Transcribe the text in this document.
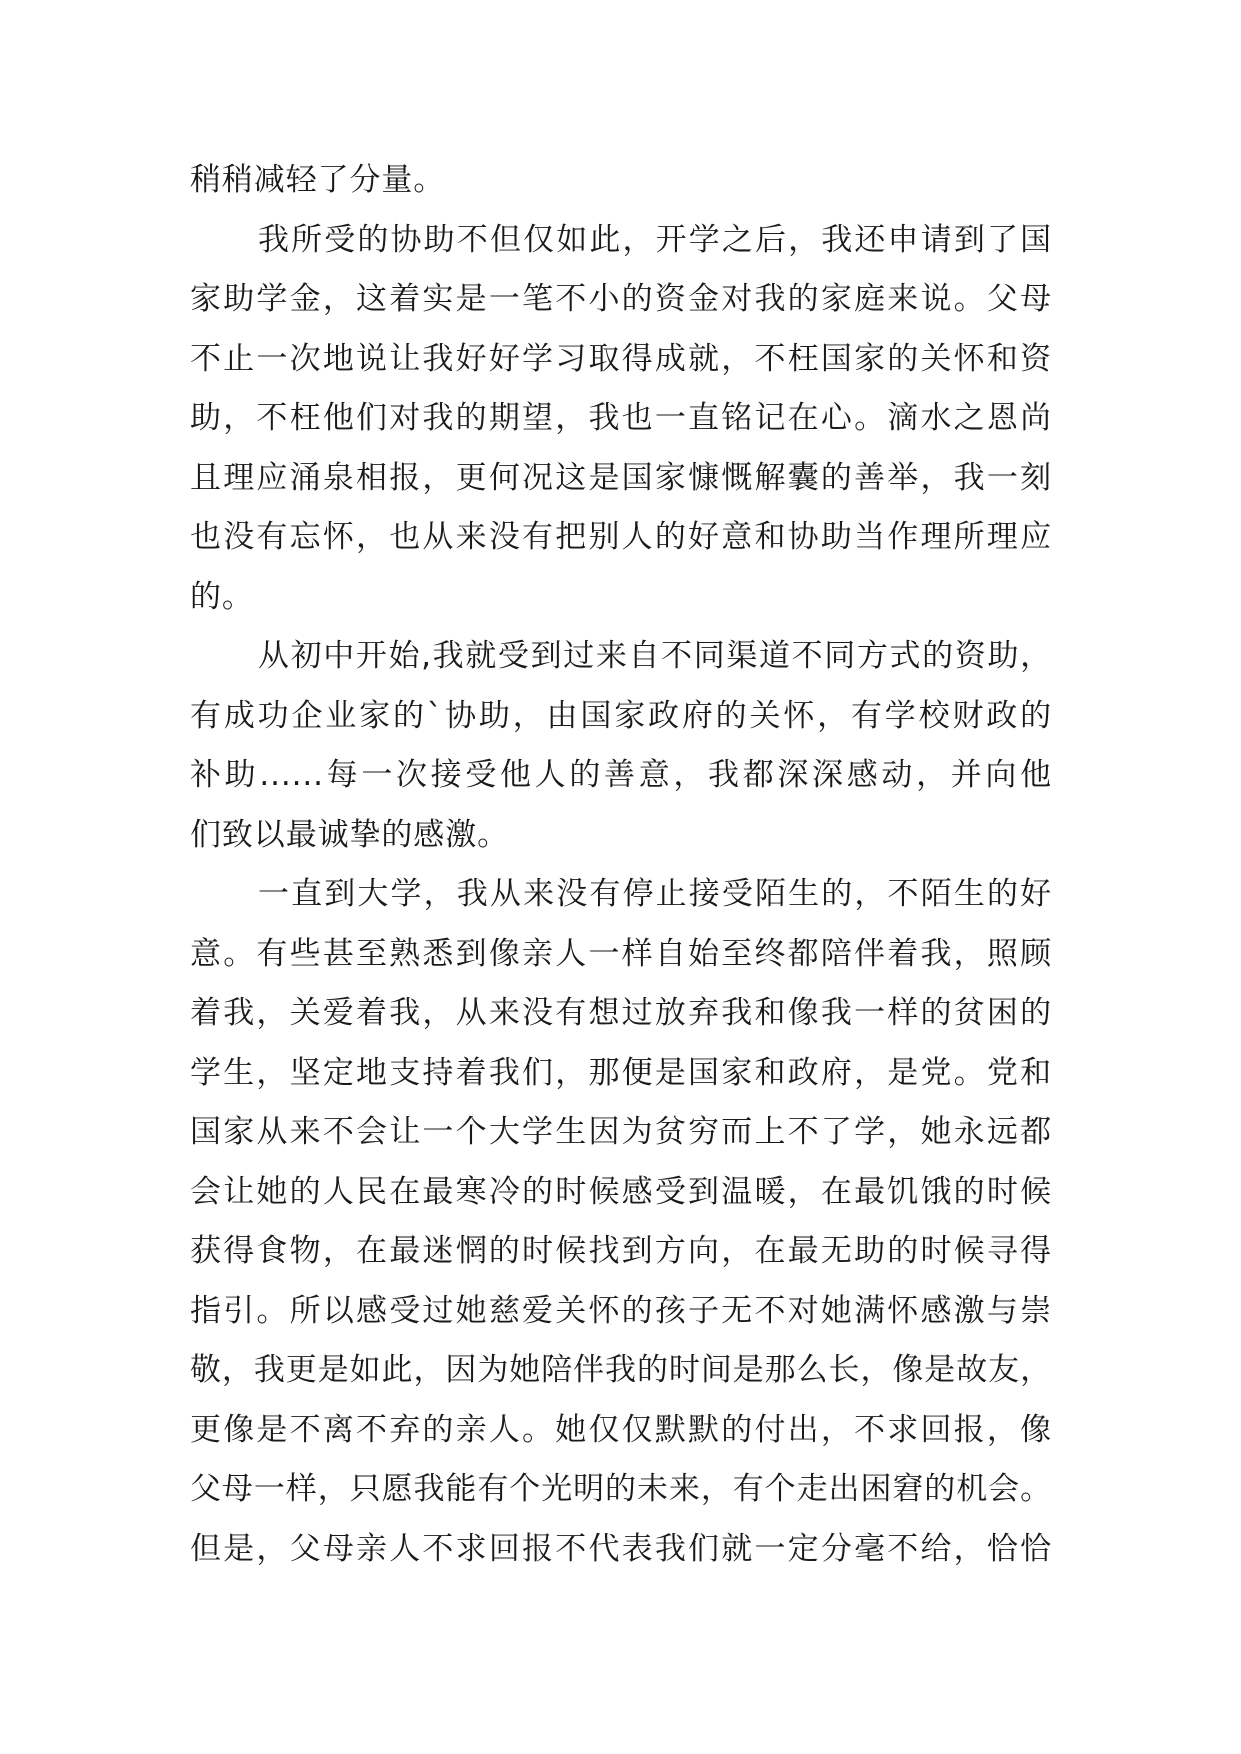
稍稍减轻了分量。
我所受的协助不但仅如此，开学之后，我还申请到了国
家助学金，这着实是一笔不小的资金对我的家庭来说。父母
不止一次地说让我好好学习取得成就，不枉国家的关怀和资
助，不枉他们对我的期望，我也一直铭记在心。滴水之恩尚
且理应涌泉相报，更何况这是国家慷慨解囊的善举，我一刻
也没有忘怀，也从来没有把别人的好意和协助当作理所理应
的。
从初中开始,我就受到过来自不同渠道不同方式的资助，
有成功企业家的`协助，由国家政府的关怀，有学校财政的
补助......每一次接受他人的善意，我都深深感动，并向他
们致以最诚挚的感激。
一直到大学，我从来没有停止接受陌生的，不陌生的好
意。有些甚至熟悉到像亲人一样自始至终都陪伴着我，照顾
着我，关爱着我，从来没有想过放弃我和像我一样的贫困的
学生，坚定地支持着我们，那便是国家和政府，是党。党和
国家从来不会让一个大学生因为贫穷而上不了学，她永远都
会让她的人民在最寒冷的时候感受到温暖，在最饥饿的时候
获得食物，在最迷惘的时候找到方向，在最无助的时候寻得
指引。所以感受过她慈爱关怀的孩子无不对她满怀感激与崇
敬，我更是如此，因为她陪伴我的时间是那么长，像是故友，
更像是不离不弃的亲人。她仅仅默默的付出，不求回报，像
父母一样，只愿我能有个光明的未来，有个走出困窘的机会。
但是，父母亲人不求回报不代表我们就一定分毫不给，恰恰
